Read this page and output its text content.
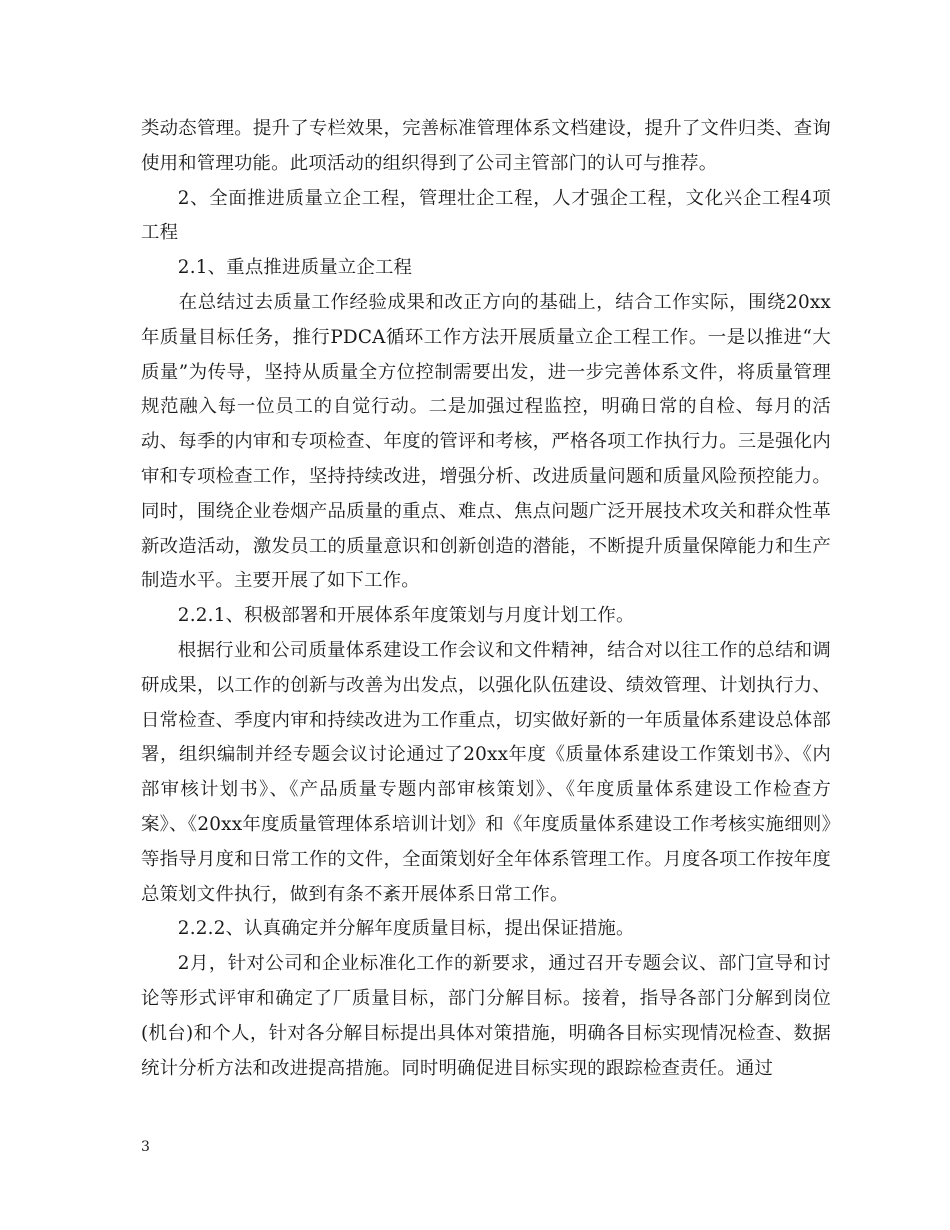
类动态管理。提升了专栏效果，完善标准管理体系文档建设，提升了文件归类、查询使用和管理功能。此项活动的组织得到了公司主管部门的认可与推荐。

2、全面推进质量立企工程，管理壮企工程，人才强企工程，文化兴企工程4项工程

2.1、重点推进质量立企工程

在总结过去质量工作经验成果和改正方向的基础上，结合工作实际，围绕20xx年质量目标任务，推行PDCA循环工作方法开展质量立企工程工作。一是以推进“大质量”为传导，坚持从质量全方位控制需要出发，进一步完善体系文件，将质量管理规范融入每一位员工的自觉行动。二是加强过程监控，明确日常的自检、每月的活动、每季的内审和专项检查、年度的管评和考核，严格各项工作执行力。三是强化内审和专项检查工作，坚持持续改进，增强分析、改进质量问题和质量风险预控能力。同时，围绕企业卷烟产品质量的重点、难点、焦点问题广泛开展技术攻关和群众性革新改造活动，激发员工的质量意识和创新创造的潜能，不断提升质量保障能力和生产制造水平。主要开展了如下工作。

2.2.1、积极部署和开展体系年度策划与月度计划工作。

根据行业和公司质量体系建设工作会议和文件精神，结合对以往工作的总结和调研成果，以工作的创新与改善为出发点，以强化队伍建设、绩效管理、计划执行力、日常检查、季度内审和持续改进为工作重点，切实做好新的一年质量体系建设总体部署，组织编制并经专题会议讨论通过了20xx年度《质量体系建设工作策划书》、《内部审核计划书》、《产品质量专题内部审核策划》、《年度质量体系建设工作检查方案》、《20xx年度质量管理体系培训计划》和《年度质量体系建设工作考核实施细则》等指导月度和日常工作的文件，全面策划好全年体系管理工作。月度各项工作按年度总策划文件执行，做到有条不紊开展体系日常工作。

2.2.2、认真确定并分解年度质量目标，提出保证措施。

2月，针对公司和企业标准化工作的新要求，通过召开专题会议、部门宣导和讨论等形式评审和确定了厂质量目标，部门分解目标。接着，指导各部门分解到岗位(机台)和个人，针对各分解目标提出具体对策措施，明确各目标实现情况检查、数据统计分析方法和改进提高措施。同时明确促进目标实现的跟踪检查责任。通过

3
